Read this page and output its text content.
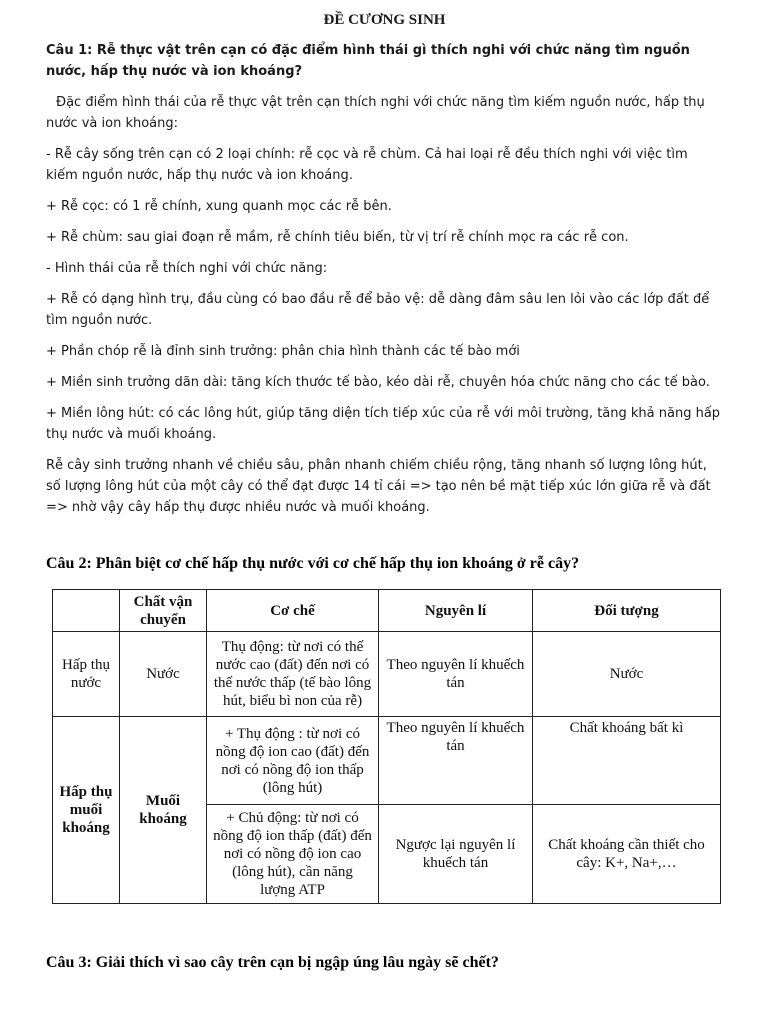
ĐỀ CƯƠNG SINH

Câu 1: Rễ thực vật trên cạn có đặc điểm hình thái gì thích nghi với chức năng tìm nguồn nước, hấp thụ nước và ion khoáng?

Đặc điểm hình thái của rễ thực vật trên cạn thích nghi với chức năng tìm kiếm nguồn nước, hấp thụ nước và ion khoáng:

- Rễ cây sống trên cạn có 2 loại chính: rễ cọc và rễ chùm. Cả hai loại rễ đều thích nghi với việc tìm kiếm nguồn nước, hấp thụ nước và ion khoáng.

+ Rễ cọc: có 1 rễ chính, xung quanh mọc các rễ bên.

+ Rễ chùm: sau giai đoạn rễ mầm, rễ chính tiêu biến, từ vị trí rễ chính mọc ra các rễ con.

- Hình thái của rễ thích nghi với chức năng:

+ Rễ có dạng hình trụ, đầu cùng có bao đầu rễ để bảo vệ: dễ dàng đâm sâu len lỏi vào các lớp đất để tìm nguồn nước.

+ Phần chóp rễ là đỉnh sinh trưởng: phân chia hình thành các tế bào mới

+ Miền sinh trưởng dãn dài: tăng kích thước tế bào, kéo dài rễ, chuyên hóa chức năng cho các tế bào.

+ Miền lông hút: có các lông hút, giúp tăng diện tích tiếp xúc của rễ với môi trường, tăng khả năng hấp thụ nước và muối khoáng.

Rễ cây sinh trưởng nhanh về chiều sâu, phân nhanh chiếm chiều rộng, tăng nhanh số lượng lông hút, số lượng lông hút của một cây có thể đạt được 14 tỉ cái => tạo nên bề mặt tiếp xúc lớn giữa rễ và đất => nhờ vậy cây hấp thụ được nhiều nước và muối khoáng.

Câu 2: Phân biệt cơ chế hấp thụ nước với cơ chế hấp thụ ion khoáng ở rễ cây?

	Chất vận chuyển	Cơ chế	Nguyên lí	Đối tượng
Hấp thụ nước	Nước	Thụ động: từ nơi có thế nước cao (đất) đến nơi có thế nước thấp (tế bào lông hút, biểu bì non của rễ)	Theo nguyên lí khuếch tán	Nước
Hấp thụ muối khoáng	Muối khoáng	+ Thụ động : từ nơi có nồng độ ion cao (đất) đến nơi có nồng độ ion thấp (lông hút)	Theo nguyên lí khuếch tán	Chất khoáng bất kì
		+ Chủ động: từ nơi có nồng độ ion thấp (đất) đến nơi có nồng độ ion cao (lông hút), cần năng lượng ATP	Ngược lại nguyên lí khuếch tán	Chất khoáng cần thiết cho cây: K+, Na+,…

Câu 3: Giải thích vì sao cây trên cạn bị ngập úng lâu ngày sẽ chết?
